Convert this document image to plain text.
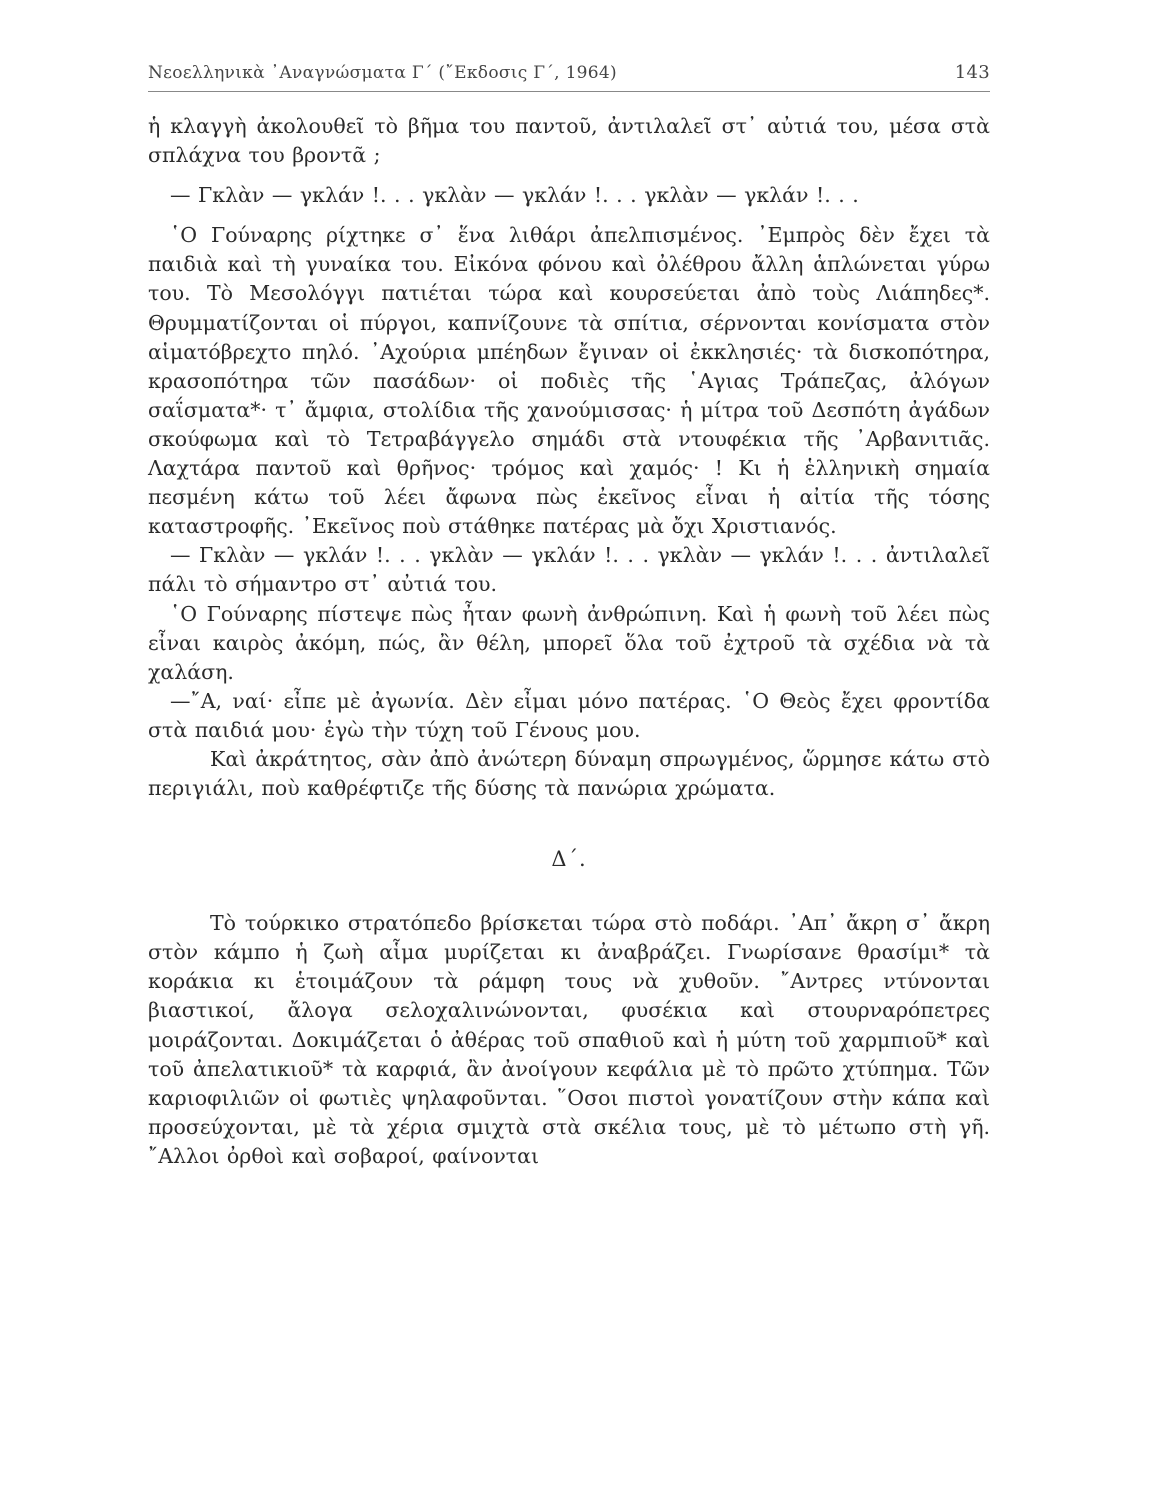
Νεοελληνικὰ ᾿Αναγνώσματα Γ΄ (῎Εκδοσις Γ΄, 1964)	143

ἡ κλαγγὴ ἀκολουθεῖ τὸ βῆμα του παντοῦ, ἀντιλαλεῖ στ᾿ αὐτιά του, μέσα στὰ σπλάχνα του βροντᾶ ;

— Γκλὰν — γκλάν !. . . γκλὰν — γκλάν !. . . γκλὰν — γκλάν !. . .

῾Ο Γούναρης ρίχτηκε σ᾿ ἕνα λιθάρι ἀπελπισμένος. ᾿Εμπρὸς δὲν ἔχει τὰ παιδιὰ καὶ τὴ γυναίκα του. Εἰκόνα φόνου καὶ ὀλέθρου ἄλλη ἁπλώνεται γύρω του. Τὸ Μεσολόγγι πατιέται τώρα καὶ κουρσεύεται ἀπὸ τοὺς Λιάπηδες*. Θρυμματίζονται οἱ πύργοι, καπνίζουνε τὰ σπίτια, σέρνονται κονίσματα στὸν αἱματόβρεχτο πηλό. ᾿Αχούρια μπέηδων ἔγιναν οἱ ἐκκλησιές· τὰ δισκοπότηρα, κρασοπότηρα τῶν πασάδων· οἱ ποδιὲς τῆς ῾Αγιας Τράπεζας, ἀλόγων σαΐσματα*· τ᾿ ἄμφια, στολίδια τῆς χανούμισσας· ἡ μίτρα τοῦ Δεσπότη ἀγάδων σκούφωμα καὶ τὸ Τετραβάγγελο σημάδι στὰ ντουφέκια τῆς ᾿Αρβανιτιᾶς. Λαχτάρα παντοῦ καὶ θρῆνος· τρόμος καὶ χαμός· ! Κι ἡ ἑλληνικὴ σημαία πεσμένη κάτω τοῦ λέει ἄφωνα πὼς ἐκεῖνος εἶναι ἡ αἰτία τῆς τόσης καταστροφῆς. ᾿Εκεῖνος ποὺ στάθηκε πατέρας μὰ ὄχι Χριστιανός.

— Γκλὰν — γκλάν !. . . γκλὰν — γκλάν !. . . γκλὰν — γκλάν !. . . ἀντιλαλεῖ πάλι τὸ σήμαντρο στ᾿ αὐτιά του.

῾Ο Γούναρης πίστεψε πὼς ἦταν φωνὴ ἀνθρώπινη. Καὶ ἡ φωνὴ τοῦ λέει πὼς εἶναι καιρὸς ἀκόμη, πώς, ἂν θέλη, μπορεῖ ὅλα τοῦ ἐχτροῦ τὰ σχέδια νὰ τὰ χαλάση.

—῎Α, ναί· εἶπε μὲ ἀγωνία. Δὲν εἶμαι μόνο πατέρας. ῾Ο Θεὸς ἔχει φροντίδα στὰ παιδιά μου· ἐγὼ τὴν τύχη τοῦ Γένους μου.

Καὶ ἀκράτητος, σὰν ἀπὸ ἀνώτερη δύναμη σπρωγμένος, ὥρμησε κάτω στὸ περιγιάλι, ποὺ καθρέφτιζε τῆς δύσης τὰ πανώρια χρώματα.

Δ΄.

Τὸ τούρκικο στρατόπεδο βρίσκεται τώρα στὸ ποδάρι. ᾿Απ᾿ ἄκρη σ᾿ ἄκρη στὸν κάμπο ἡ ζωὴ αἷμα μυρίζεται κι ἀναβράζει. Γνωρίσανε θρασίμι* τὰ κοράκια κι ἑτοιμάζουν τὰ ράμφη τους νὰ χυθοῦν. ῎Αντρες ντύνονται βιαστικοί, ἄλογα σελοχαλινώνονται, φυσέκια καὶ στουρναρόπετρες μοιράζονται. Δοκιμάζεται ὁ ἀθέρας τοῦ σπαθιοῦ καὶ ἡ μύτη τοῦ χαρμπιοῦ* καὶ τοῦ ἀπελατικιοῦ* τὰ καρφιά, ἂν ἀνοίγουν κεφάλια μὲ τὸ πρῶτο χτύπημα. Τῶν καριοφιλιῶν οἱ φωτιὲς ψηλαφοῦνται. ῞Οσοι πιστοὶ γονατίζουν στὴν κάπα καὶ προσεύχονται, μὲ τὰ χέρια σμιχτὰ στὰ σκέλια τους, μὲ τὸ μέτωπο στὴ γῆ. ῎Αλλοι ὀρθοὶ καὶ σοβαροί, φαίνονται
